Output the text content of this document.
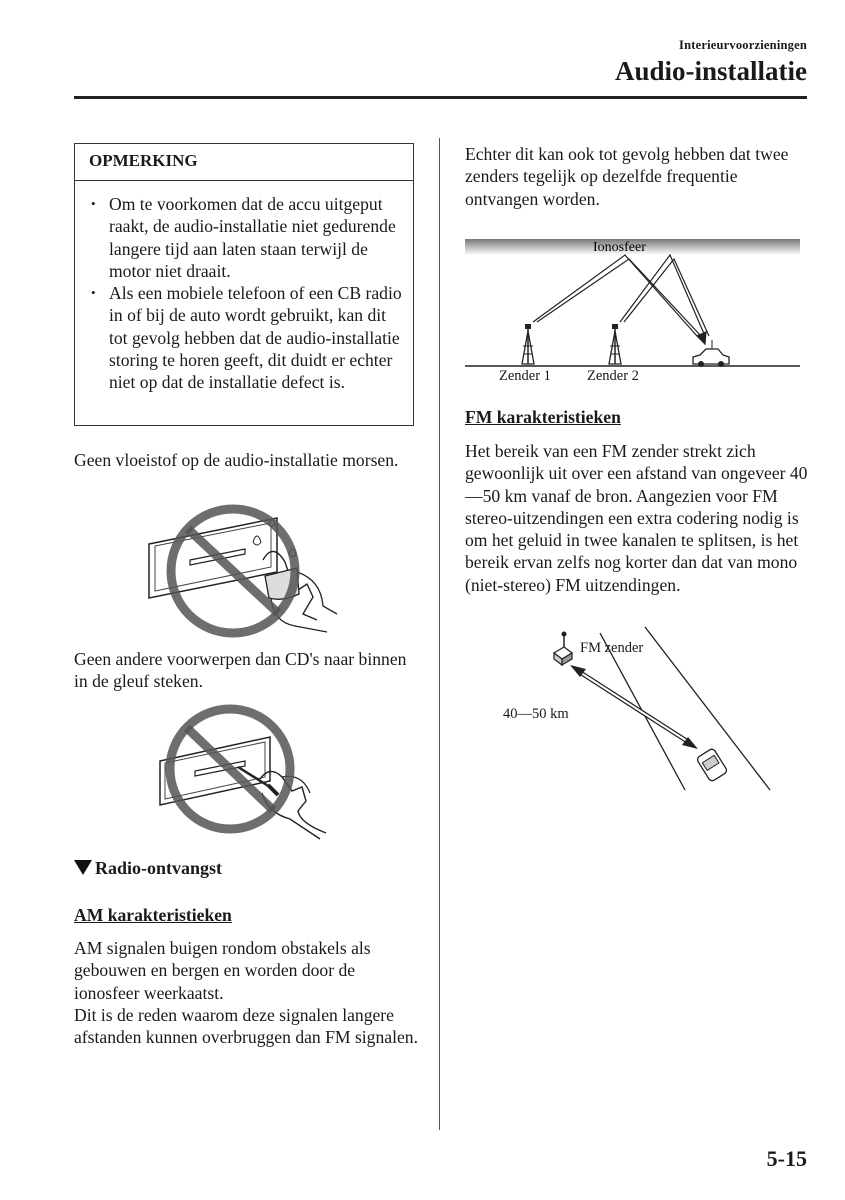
Interieurvoorzieningen
Audio-installatie
OPMERKING
• Om te voorkomen dat de accu uitgeput raakt, de audio-installatie niet gedurende langere tijd aan laten staan terwijl de motor niet draait.
• Als een mobiele telefoon of een CB radio in of bij de auto wordt gebruikt, kan dit tot gevolg hebben dat de audio-installatie storing te horen geeft, dit duidt er echter niet op dat de installatie defect is.

Geen vloeistof op de audio-installatie morsen.

Geen andere voorwerpen dan CD's naar binnen in de gleuf steken.

Radio-ontvangst
AM karakteristieken

AM signalen buigen rondom obstakels als gebouwen en bergen en worden door de ionosfeer weerkaatst.

Dit is de reden waarom deze signalen langere afstanden kunnen overbruggen dan FM signalen.

Echter dit kan ook tot gevolg hebben dat twee zenders tegelijk op dezelfde frequentie ontvangen worden.

Ionosfeer
Zender 1 Zender 2
FM karakteristieken

Het bereik van een FM zender strekt zich gewoonlijk uit over een afstand van ongeveer 40—50 km vanaf de bron. Aangezien voor FM stereo-uitzendingen een extra codering nodig is om het geluid in twee kanalen te splitsen, is het bereik ervan zelfs nog korter dan dat van mono (niet-stereo) FM uitzendingen.

FM zender
40—50 km
5-15
